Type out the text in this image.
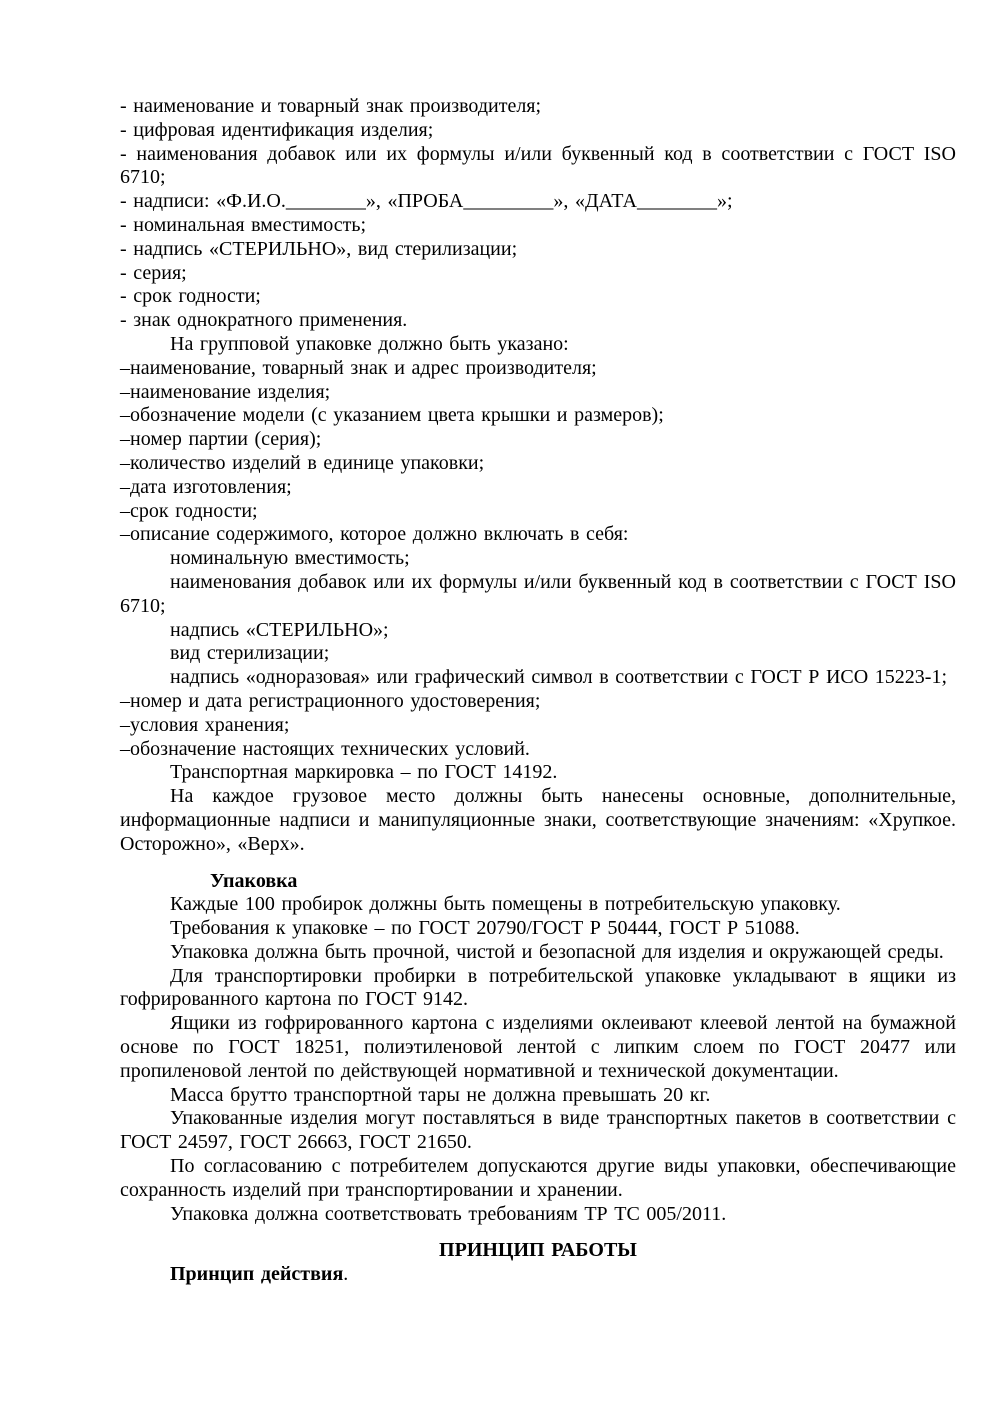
- наименование и товарный знак производителя;

- цифровая идентификация изделия;

- наименования добавок или их формулы и/или буквенный код в соответствии с ГОСТ ISO 6710;

- надписи: «Ф.И.О.________», «ПРОБА_________», «ДАТА________»;

- номинальная вместимость;

- надпись «СТЕРИЛЬНО», вид стерилизации;

- серия;

- срок годности;

- знак однократного применения.

На групповой упаковке должно быть указано:

–наименование, товарный знак и адрес производителя;

–наименование изделия;

–обозначение модели (с указанием цвета крышки и размеров);

–номер партии (серия);

–количество изделий в единице упаковки;

–дата изготовления;

–срок годности;

–описание содержимого, которое должно включать в себя:

номинальную вместимость;

наименования добавок или их формулы и/или буквенный код в соответствии с ГОСТ ISO 6710;

надпись «СТЕРИЛЬНО»;

вид стерилизации;

надпись «одноразовая» или графический символ в соответствии с ГОСТ Р ИСО 15223-1;

–номер и дата регистрационного удостоверения;

–условия хранения;

–обозначение настоящих технических условий.

Транспортная маркировка – по ГОСТ 14192.

На каждое грузовое место должны быть нанесены основные, дополнительные, информационные надписи и манипуляционные знаки, соответствующие значениям: «Хрупкое. Осторожно», «Верх».

Упаковка

Каждые 100 пробирок должны быть помещены в потребительскую упаковку.

Требования к упаковке – по ГОСТ 20790/ГОСТ Р 50444, ГОСТ Р 51088.

Упаковка должна быть прочной, чистой и безопасной для изделия и окружающей среды.

Для транспортировки пробирки в потребительской упаковке укладывают в ящики из гофрированного картона по ГОСТ 9142.

Ящики из гофрированного картона с изделиями оклеивают клеевой лентой на бумажной основе по ГОСТ 18251, полиэтиленовой лентой с липким слоем по ГОСТ 20477 или пропиленовой лентой по действующей нормативной и технической документации.

Масса брутто транспортной тары не должна превышать 20 кг.

Упакованные изделия могут поставляться в виде транспортных пакетов в соответствии с ГОСТ 24597, ГОСТ 26663, ГОСТ 21650.

По согласованию с потребителем допускаются другие виды упаковки, обеспечивающие сохранность изделий при транспортировании и хранении.

Упаковка должна соответствовать требованиям ТР ТС 005/2011.

ПРИНЦИП РАБОТЫ

Принцип действия.
